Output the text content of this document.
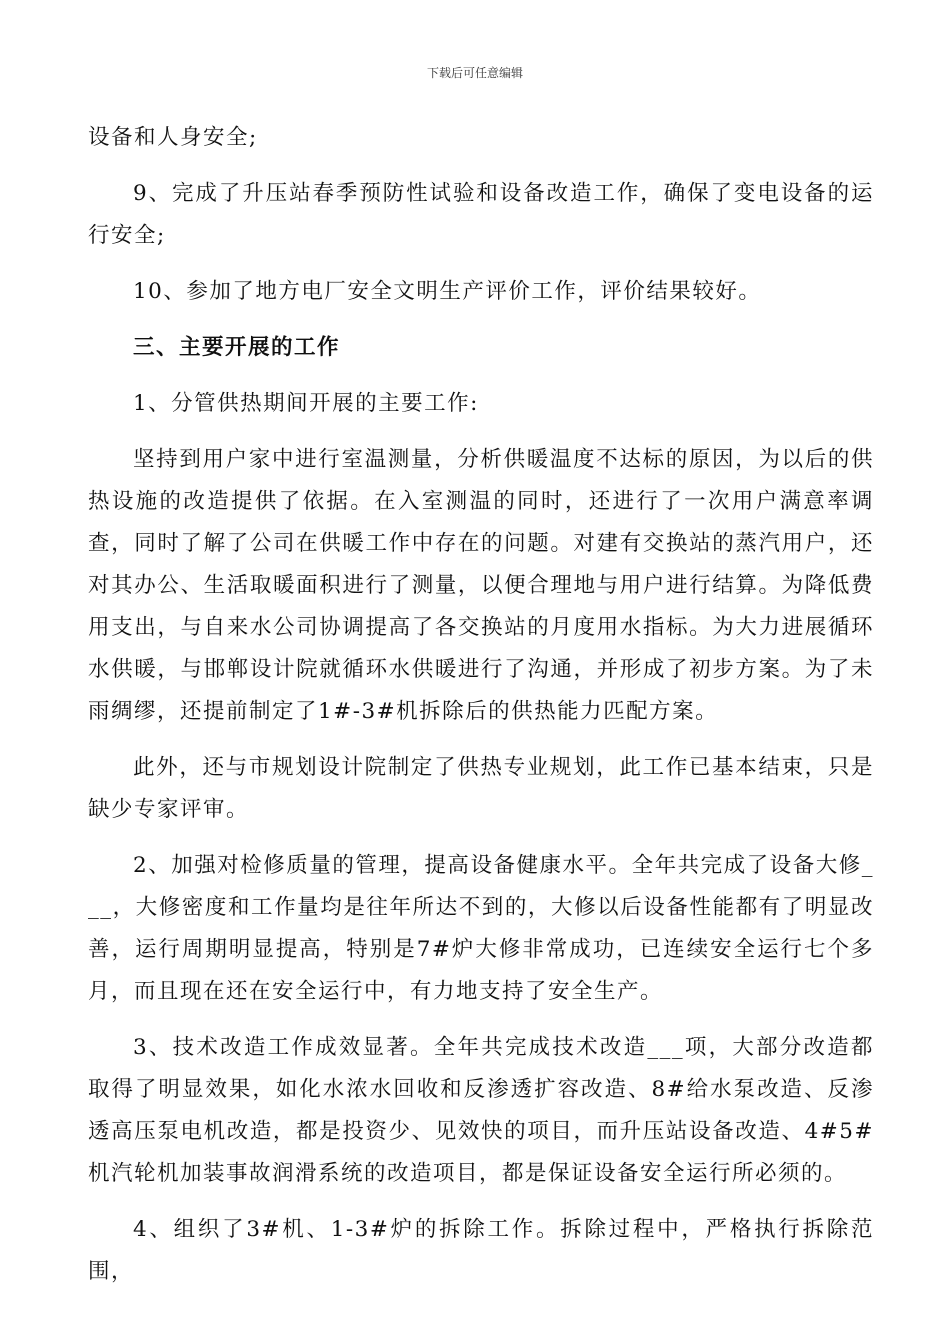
下载后可任意编辑

设备和人身安全;

9、完成了升压站春季预防性试验和设备改造工作，确保了变电设备的运行安全;

10、参加了地方电厂安全文明生产评价工作，评价结果较好。

三、主要开展的工作

1、分管供热期间开展的主要工作:

坚持到用户家中进行室温测量，分析供暖温度不达标的原因，为以后的供热设施的改造提供了依据。在入室测温的同时，还进行了一次用户满意率调查，同时了解了公司在供暖工作中存在的问题。对建有交换站的蒸汽用户，还对其办公、生活取暖面积进行了测量，以便合理地与用户进行结算。为降低费用支出，与自来水公司协调提高了各交换站的月度用水指标。为大力进展循环水供暖，与邯郸设计院就循环水供暖进行了沟通，并形成了初步方案。为了未雨绸缪，还提前制定了1#-3#机拆除后的供热能力匹配方案。

此外，还与市规划设计院制定了供热专业规划，此工作已基本结束，只是缺少专家评审。

2、加强对检修质量的管理，提高设备健康水平。全年共完成了设备大修___，大修密度和工作量均是往年所达不到的，大修以后设备性能都有了明显改善，运行周期明显提高，特别是7#炉大修非常成功，已连续安全运行七个多月，而且现在还在安全运行中，有力地支持了安全生产。

3、技术改造工作成效显著。全年共完成技术改造___项，大部分改造都取得了明显效果，如化水浓水回收和反渗透扩容改造、8#给水泵改造、反渗透高压泵电机改造，都是投资少、见效快的项目，而升压站设备改造、4#5#机汽轮机加装事故润滑系统的改造项目，都是保证设备安全运行所必须的。

4、组织了3#机、1-3#炉的拆除工作。拆除过程中，严格执行拆除范围，
